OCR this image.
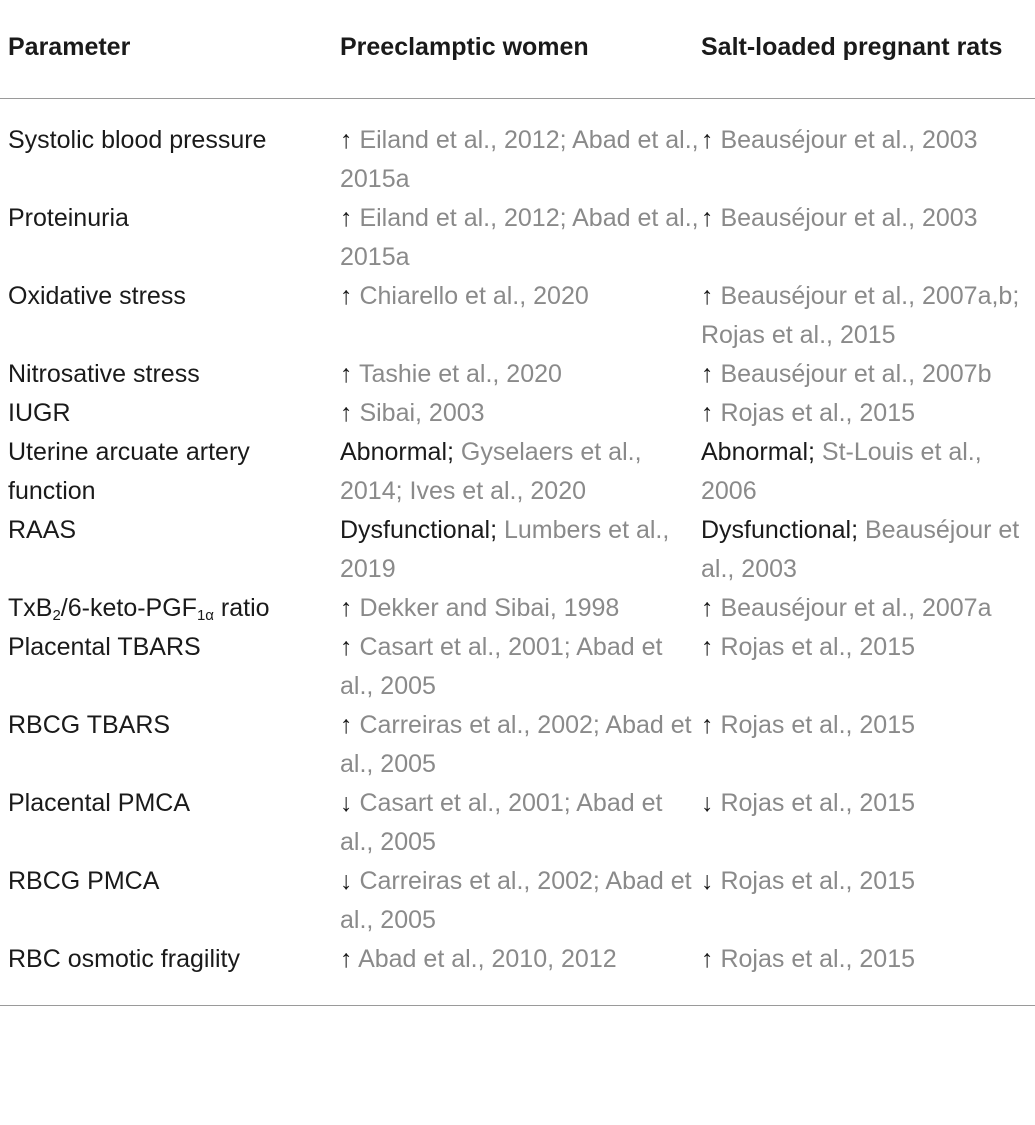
Parameter	Preeclamptic women	Salt-loaded pregnant rats
Systolic blood pressure	↑ Eiland et al., 2012; Abad et al., 2015a	↑ Beauséjour et al., 2003
Proteinuria	↑ Eiland et al., 2012; Abad et al., 2015a	↑ Beauséjour et al., 2003
Oxidative stress	↑ Chiarello et al., 2020	↑ Beauséjour et al., 2007a,b; Rojas et al., 2015
Nitrosative stress	↑ Tashie et al., 2020	↑ Beauséjour et al., 2007b
IUGR	↑ Sibai, 2003	↑ Rojas et al., 2015
Uterine arcuate artery function	Abnormal; Gyselaers et al., 2014; Ives et al., 2020	Abnormal; St-Louis et al., 2006
RAAS	Dysfunctional; Lumbers et al., 2019	Dysfunctional; Beauséjour et al., 2003
$TxB_2/6-keto-PGF_{1\alpha}$ ratio	↑ Dekker and Sibai, 1998	↑ Beauséjour et al., 2007a
Placental TBARS	↑ Casart et al., 2001; Abad et al., 2005	↑ Rojas et al., 2015
RBCG TBARS	↑ Carreiras et al., 2002; Abad et al., 2005	↑ Rojas et al., 2015
Placental PMCA	↓ Casart et al., 2001; Abad et al., 2005	↓ Rojas et al., 2015
RBCG PMCA	↓ Carreiras et al., 2002; Abad et al., 2005	↓ Rojas et al., 2015
RBC osmotic fragility	↑ Abad et al., 2010, 2012	↑ Rojas et al., 2015
